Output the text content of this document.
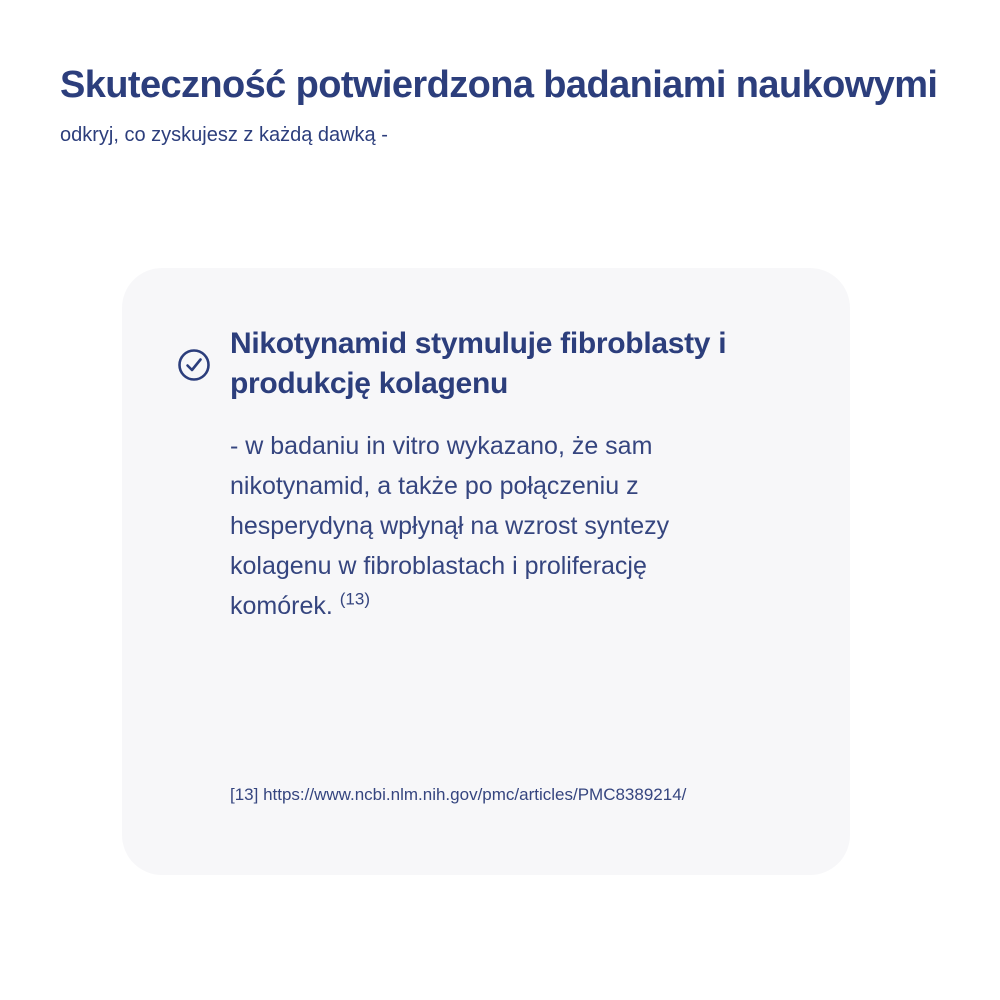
Skuteczność potwierdzona badaniami naukowymi

odkryj, co zyskujesz z każdą dawką -

Nikotynamid stymuluje fibroblasty i produkcję kolagenu

- w badaniu in vitro wykazano, że sam nikotynamid, a także po połączeniu z hesperydyną wpłynął na wzrost syntezy kolagenu w fibroblastach i proliferację komórek. $^{(13)}$

[13] https://www.ncbi.nlm.nih.gov/pmc/articles/PMC8389214/
